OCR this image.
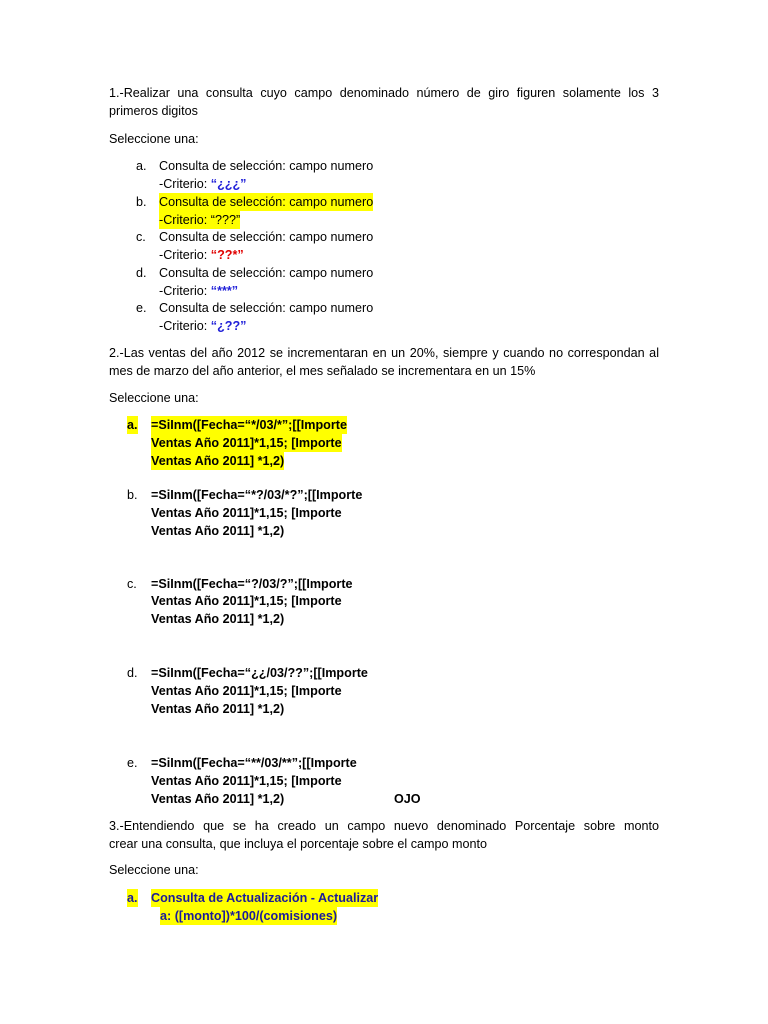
1.-Realizar una consulta cuyo campo denominado número de giro figuren solamente los 3
primeros digitos
Seleccione una:
a. Consulta de selección: campo numero
-Criterio: “¿¿¿”
b. Consulta de selección: campo numero
-Criterio: “???”
c. Consulta de selección: campo numero
-Criterio: “??*”
d. Consulta de selección: campo numero
-Criterio: “***”
e. Consulta de selección: campo numero
-Criterio: “¿??”
2.-Las ventas del año 2012 se incrementaran en un 20%, siempre y cuando no correspondan al
mes de marzo del año anterior, el mes señalado se incrementara en un 15%
Seleccione una:
a. =SiInm([Fecha=“*/03/*”;[[Importe
Ventas Año 2011]*1,15; [Importe
Ventas Año 2011] *1,2)
b. =SiInm([Fecha=“*?/03/*?”;[[Importe
Ventas Año 2011]*1,15; [Importe
Ventas Año 2011] *1,2)
c. =SiInm([Fecha=“?/03/?”;[[Importe
Ventas Año 2011]*1,15; [Importe
Ventas Año 2011] *1,2)
d. =SiInm([Fecha=“¿¿/03/??”;[[Importe
Ventas Año 2011]*1,15; [Importe
Ventas Año 2011] *1,2)
e. =SiInm([Fecha=“**/03/**”;[[Importe
Ventas Año 2011]*1,15; [Importe
Ventas Año 2011] *1,2)	OJO
3.-Entendiendo que se ha creado un campo nuevo denominado Porcentaje sobre monto
crear una consulta, que incluya el porcentaje sobre el campo monto
Seleccione una:
a. Consulta de Actualización - Actualizar
a: ([monto])*100/(comisiones)
